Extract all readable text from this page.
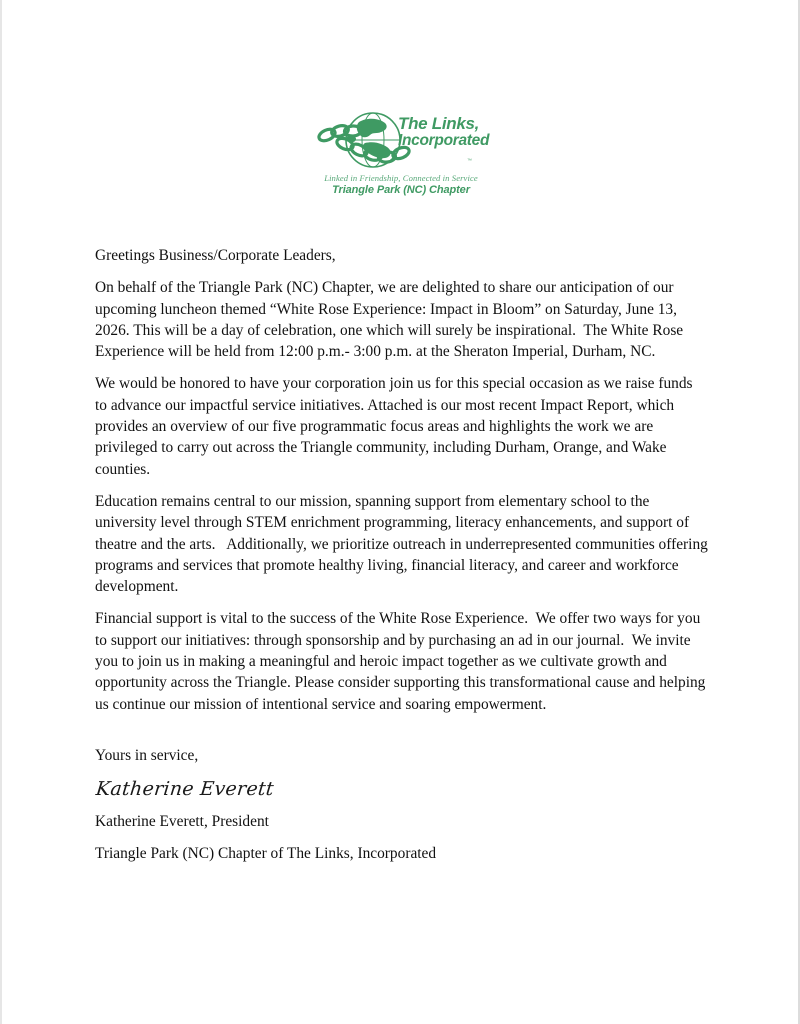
The Links,
Incorporated
™
Linked in Friendship, Connected in Service
Triangle Park (NC) Chapter

Greetings Business/Corporate Leaders,

On behalf of the Triangle Park (NC) Chapter, we are delighted to share our anticipation of our upcoming luncheon themed “White Rose Experience: Impact in Bloom” on Saturday, June 13, 2026. This will be a day of celebration, one which will surely be inspirational.  The White Rose Experience will be held from 12:00 p.m.- 3:00 p.m. at the Sheraton Imperial, Durham, NC.

We would be honored to have your corporation join us for this special occasion as we raise funds to advance our impactful service initiatives. Attached is our most recent Impact Report, which provides an overview of our five programmatic focus areas and highlights the work we are privileged to carry out across the Triangle community, including Durham, Orange, and Wake counties.

Education remains central to our mission, spanning support from elementary school to the university level through STEM enrichment programming, literacy enhancements, and support of theatre and the arts.   Additionally, we prioritize outreach in underrepresented communities offering programs and services that promote healthy living, financial literacy, and career and workforce development.

Financial support is vital to the success of the White Rose Experience.  We offer two ways for you to support our initiatives: through sponsorship and by purchasing an ad in our journal.  We invite you to join us in making a meaningful and heroic impact together as we cultivate growth and opportunity across the Triangle. Please consider supporting this transformational cause and helping us continue our mission of intentional service and soaring empowerment.

Yours in service,

Katherine Everett

Katherine Everett, President

Triangle Park (NC) Chapter of The Links, Incorporated
